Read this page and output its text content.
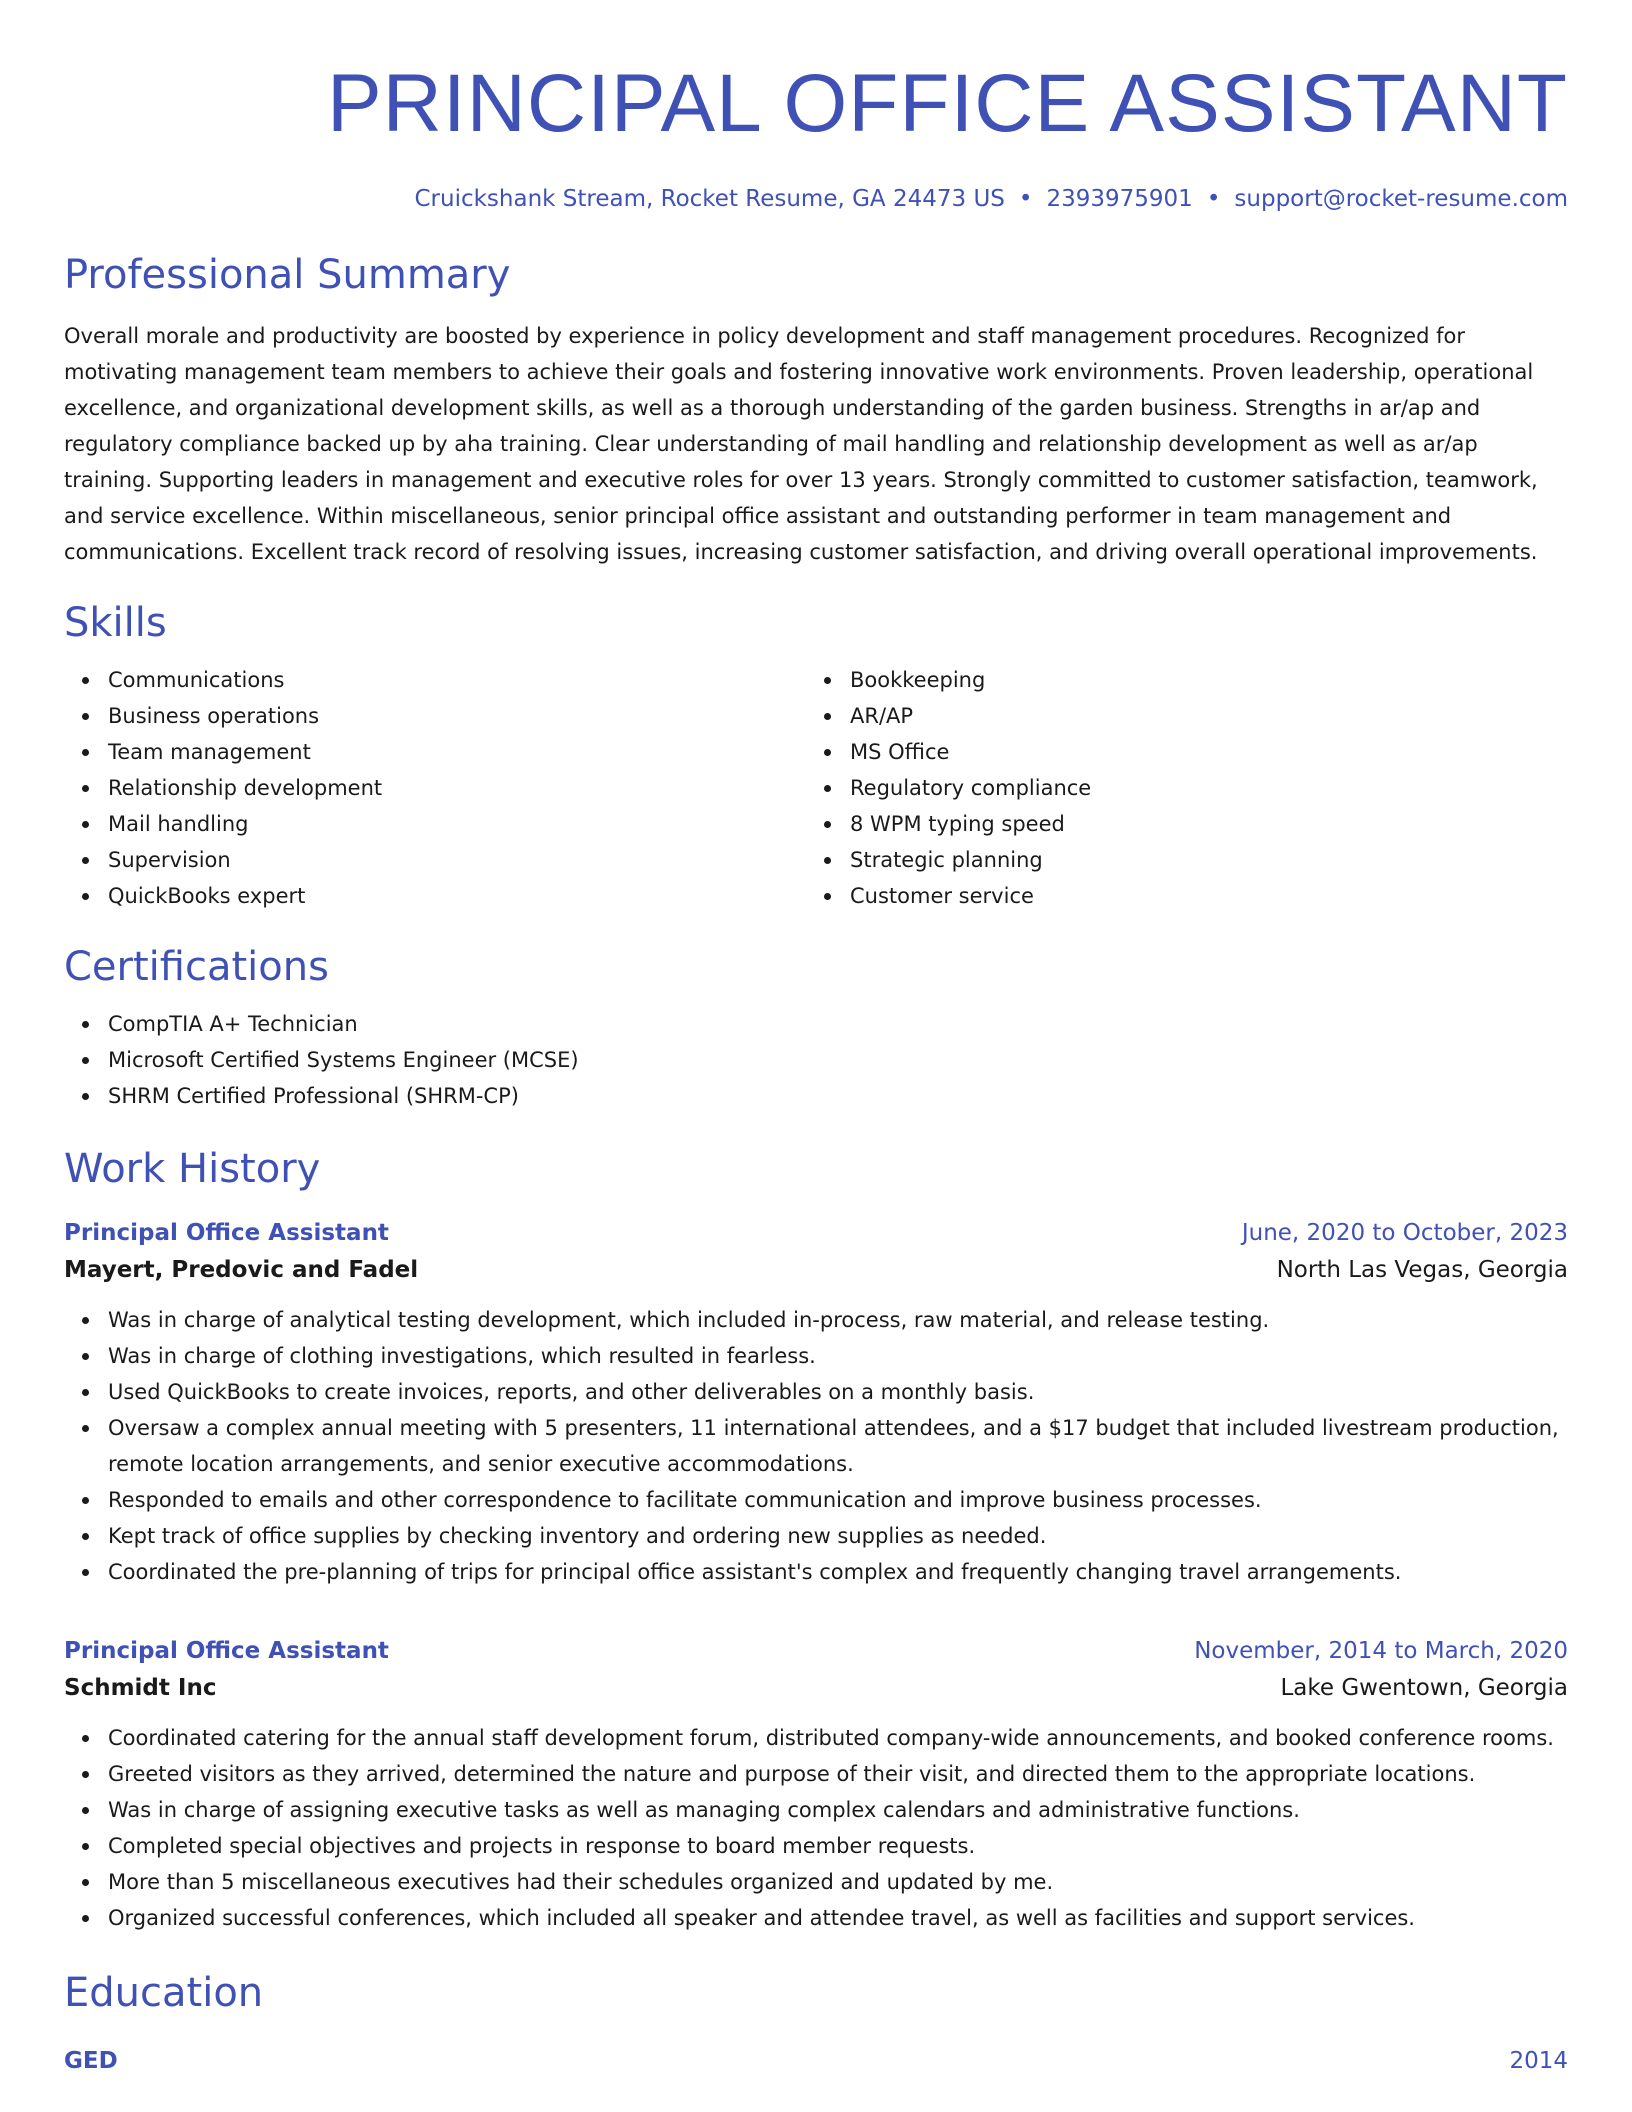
PRINCIPAL OFFICE ASSISTANT
Cruickshank Stream, Rocket Resume, GA 24473 US • 2393975901 • support@rocket-resume.com
Professional Summary

Overall morale and productivity are boosted by experience in policy development and staff management procedures. Recognized for motivating management team members to achieve their goals and fostering innovative work environments. Proven leadership, operational excellence, and organizational development skills, as well as a thorough understanding of the garden business. Strengths in ar/ap and regulatory compliance backed up by aha training. Clear understanding of mail handling and relationship development as well as ar/ap training. Supporting leaders in management and executive roles for over 13 years. Strongly committed to customer satisfaction, teamwork, and service excellence. Within miscellaneous, senior principal office assistant and outstanding performer in team management and communications. Excellent track record of resolving issues, increasing customer satisfaction, and driving overall operational improvements.

Skills
Communications
Business operations
Team management
Relationship development
Mail handling
Supervision
QuickBooks expert
Bookkeeping
AR/AP
MS Office
Regulatory compliance
8 WPM typing speed
Strategic planning
Customer service
Certifications
CompTIA A+ Technician
Microsoft Certified Systems Engineer (MCSE)
SHRM Certified Professional (SHRM-CP)
Work History
Principal Office Assistant	June, 2020 to October, 2023
Mayert, Predovic and Fadel	North Las Vegas, Georgia
Was in charge of analytical testing development, which included in-process, raw material, and release testing.
Was in charge of clothing investigations, which resulted in fearless.
Used QuickBooks to create invoices, reports, and other deliverables on a monthly basis.
Oversaw a complex annual meeting with 5 presenters, 11 international attendees, and a $17 budget that included livestream production, remote location arrangements, and senior executive accommodations.
Responded to emails and other correspondence to facilitate communication and improve business processes.
Kept track of office supplies by checking inventory and ordering new supplies as needed.
Coordinated the pre-planning of trips for principal office assistant's complex and frequently changing travel arrangements.
Principal Office Assistant	November, 2014 to March, 2020
Schmidt Inc	Lake Gwentown, Georgia
Coordinated catering for the annual staff development forum, distributed company-wide announcements, and booked conference rooms.
Greeted visitors as they arrived, determined the nature and purpose of their visit, and directed them to the appropriate locations.
Was in charge of assigning executive tasks as well as managing complex calendars and administrative functions.
Completed special objectives and projects in response to board member requests.
More than 5 miscellaneous executives had their schedules organized and updated by me.
Organized successful conferences, which included all speaker and attendee travel, as well as facilities and support services.
Education
GED	2014
